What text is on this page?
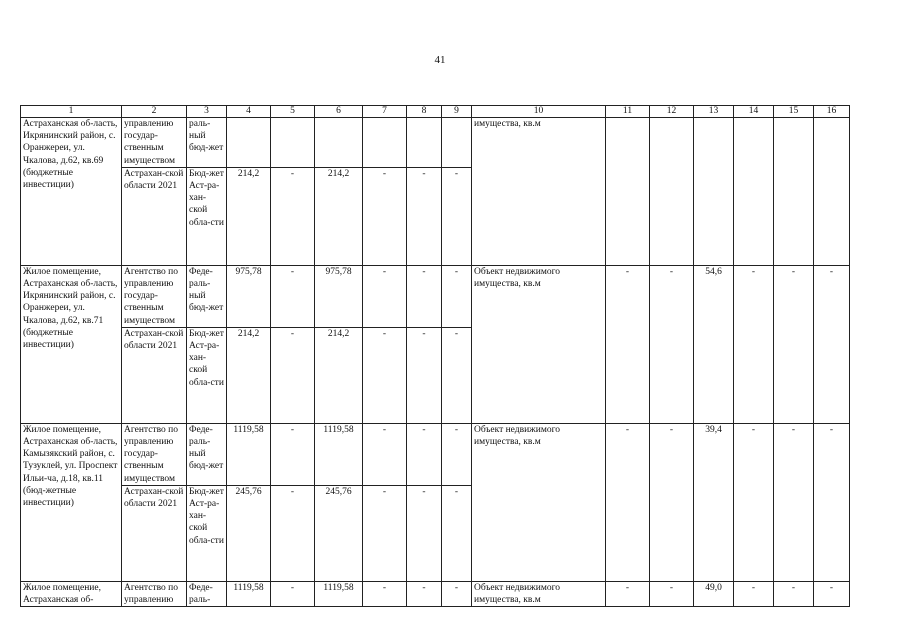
41
1	2	3	4	5	6	7	8	9	10	11	12	13	14	15	16
Астраханская об-ласть, Икрянинский район, с. Оранжереи, ул. Чкалова, д.62, кв.69 (бюджетные инвестиции)	управлению государ-ственным имуществом	раль-ный бюд-жет							имущества, кв.м						
	Астрахан-ской области 2021	Бюд-жет Аст-ра-хан-ской обла-сти	214,2	-	214,2	-	-	-							
Жилое помещение, Астраханская об-ласть, Икрянинский район, с. Оранжереи, ул. Чкалова, д.62, кв.71 (бюджетные инвестиции)	Агентство по управлению государ-ственным имуществом	Феде-раль-ный бюд-жет	975,78	-	975,78	-	-	-	Объект недвижимого имущества, кв.м	-	-	54,6	-	-	-
	Астрахан-ской области 2021	Бюд-жет Аст-ра-хан-ской обла-сти	214,2	-	214,2	-	-	-							
Жилое помещение, Астраханская об-ласть, Камызякский район, с. Тузуклей, ул. Проспект Ильи-ча, д.18, кв.11 (бюд-жетные инвестиции)	Агентство по управлению государ-ственным имуществом	Феде-раль-ный бюд-жет	1119,58	-	1119,58	-	-	-	Объект недвижимого имущества, кв.м	-	-	39,4	-	-	-
	Астрахан-ской области 2021	Бюд-жет Аст-ра-хан-ской обла-сти	245,76	-	245,76	-	-	-							
Жилое помещение, Астраханская об-	Агентство по управлению	Феде-раль-	1119,58	-	1119,58	-	-	-	Объект недвижимого имущества, кв.м	-	-	49,0	-	-	-
